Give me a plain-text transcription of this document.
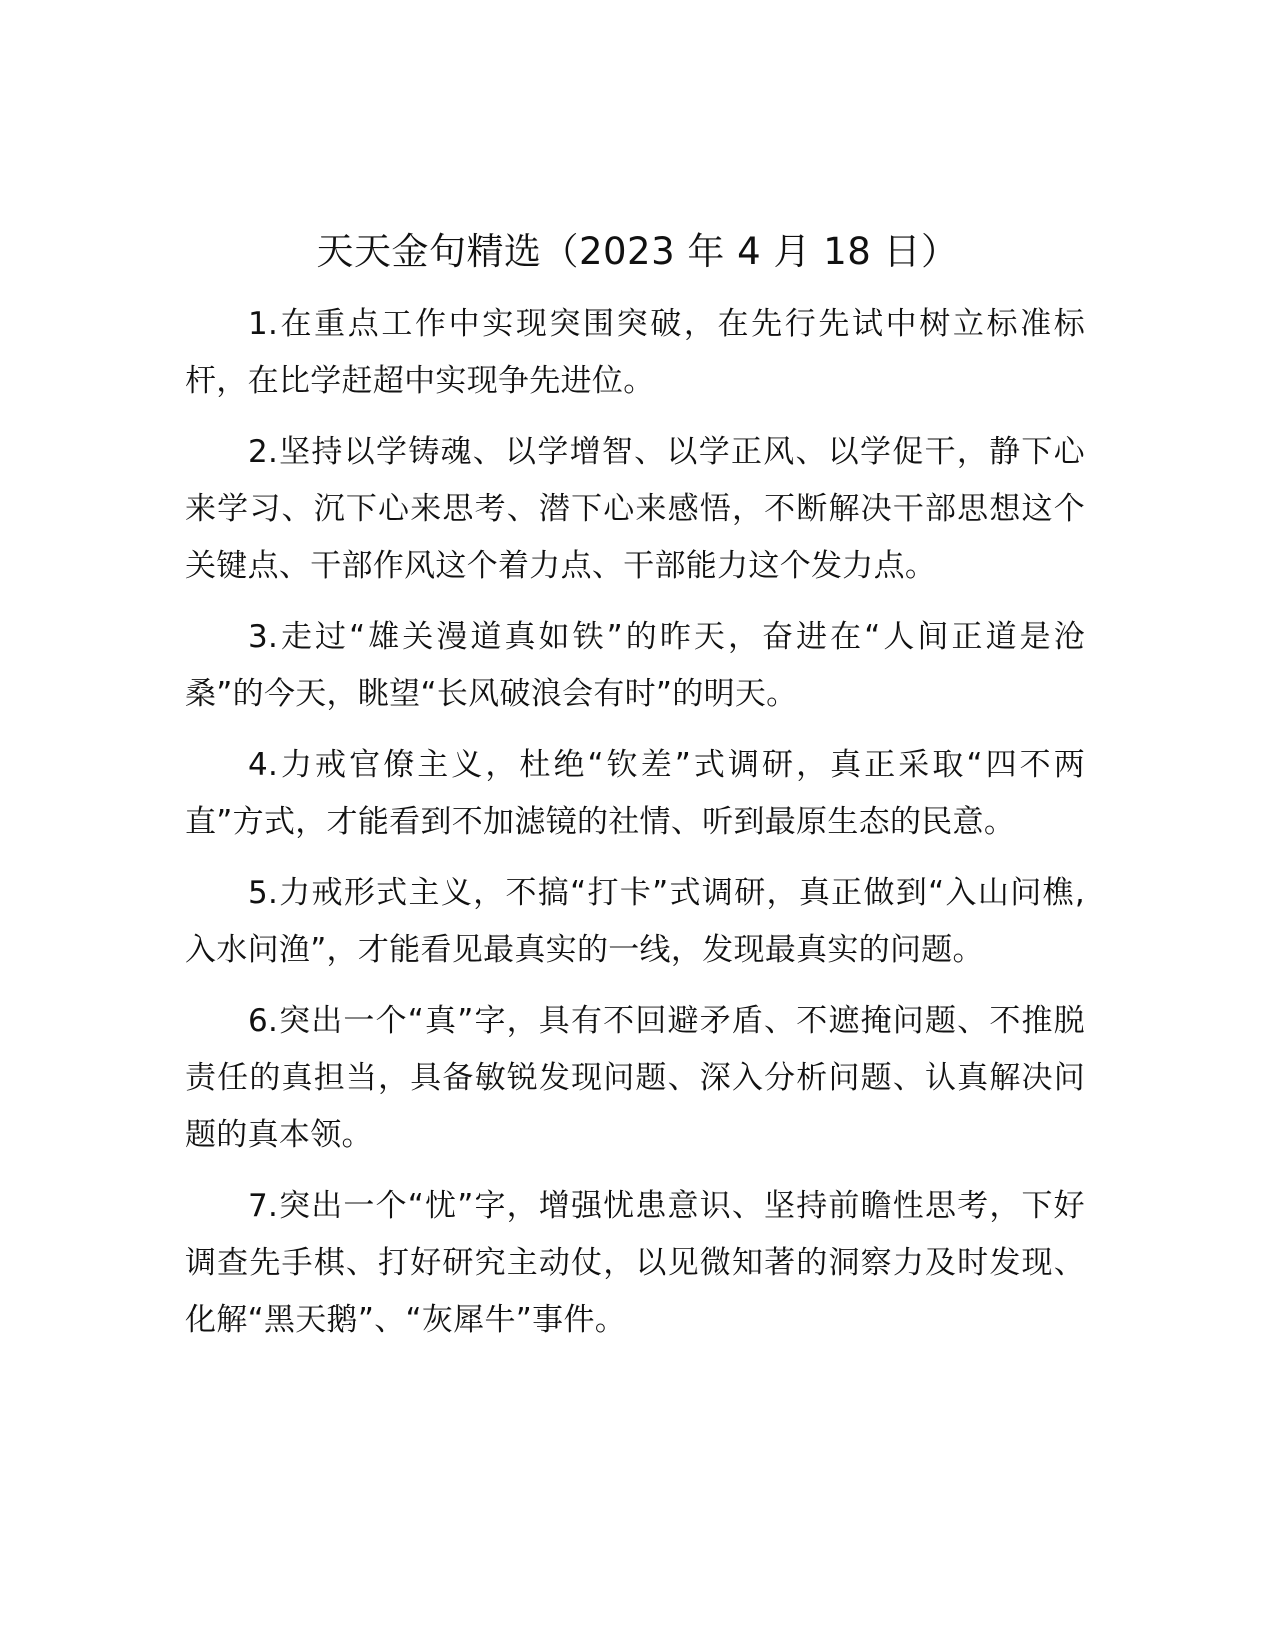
天天金句精选（2023 年 4 月 18 日）

1.在重点工作中实现突围突破，在先行先试中树立标准标杆，在比学赶超中实现争先进位。

2.坚持以学铸魂、以学增智、以学正风、以学促干，静下心来学习、沉下心来思考、潜下心来感悟，不断解决干部思想这个关键点、干部作风这个着力点、干部能力这个发力点。

3.走过“雄关漫道真如铁”的昨天，奋进在“人间正道是沧桑”的今天，眺望“长风破浪会有时”的明天。

4.力戒官僚主义，杜绝“钦差”式调研，真正采取“四不两直”方式，才能看到不加滤镜的社情、听到最原生态的民意。

5.力戒形式主义，不搞“打卡”式调研，真正做到“入山问樵,入水问渔”，才能看见最真实的一线，发现最真实的问题。

6.突出一个“真”字，具有不回避矛盾、不遮掩问题、不推脱责任的真担当，具备敏锐发现问题、深入分析问题、认真解决问题的真本领。

7.突出一个“忧”字，增强忧患意识、坚持前瞻性思考，下好调查先手棋、打好研究主动仗，以见微知著的洞察力及时发现、化解“黑天鹅”、“灰犀牛”事件。
